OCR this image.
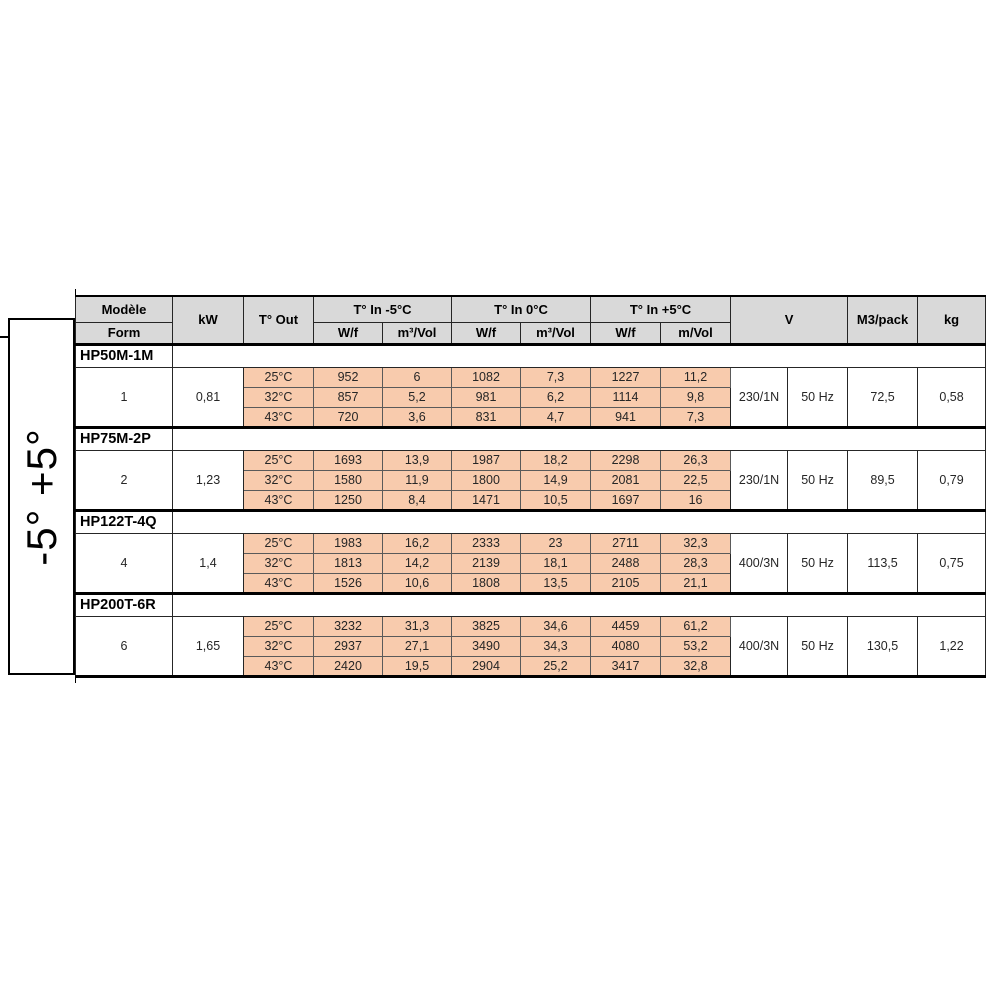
-5° +5°
Modèle	kW	T° Out	T° In -5°C		T° In 0°C		T° In +5°C		V		M3/pack	kg
Form			W/f	m³/Vol	W/f	m³/Vol	W/f	m/Vol				
HP50M-1M												
1	0,81	25°C	952	6	1082	7,3	1227	11,2	230/1N	50 Hz	72,5	0,58
		32°C	857	5,2	981	6,2	1114	9,8				
		43°C	720	3,6	831	4,7	941	7,3				
HP75M-2P												
2	1,23	25°C	1693	13,9	1987	18,2	2298	26,3	230/1N	50 Hz	89,5	0,79
		32°C	1580	11,9	1800	14,9	2081	22,5				
		43°C	1250	8,4	1471	10,5	1697	16				
HP122T-4Q												
4	1,4	25°C	1983	16,2	2333	23	2711	32,3	400/3N	50 Hz	113,5	0,75
		32°C	1813	14,2	2139	18,1	2488	28,3				
		43°C	1526	10,6	1808	13,5	2105	21,1				
HP200T-6R												
6	1,65	25°C	3232	31,3	3825	34,6	4459	61,2	400/3N	50 Hz	130,5	1,22
		32°C	2937	27,1	3490	34,3	4080	53,2				
		43°C	2420	19,5	2904	25,2	3417	32,8				
